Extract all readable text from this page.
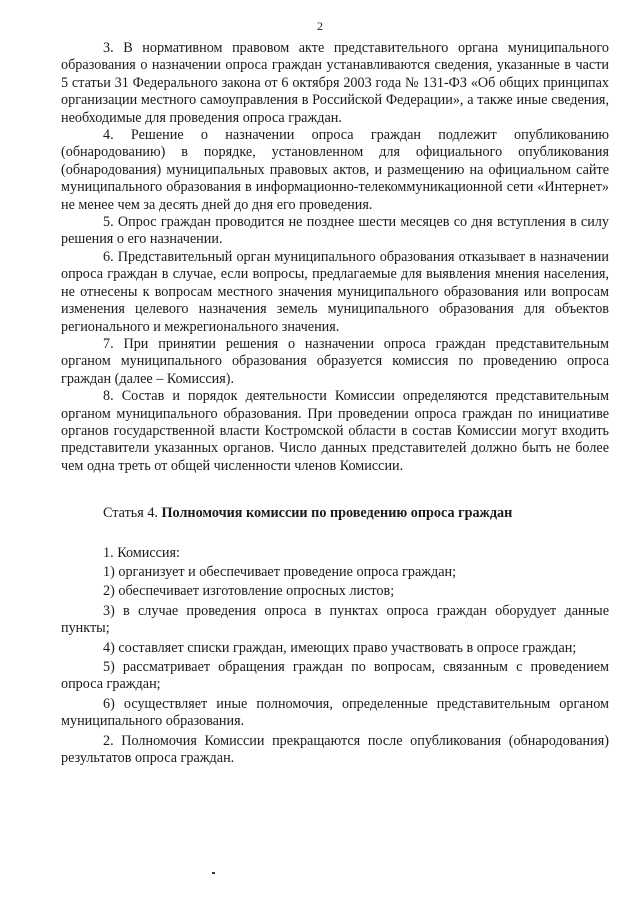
2

3. В нормативном правовом акте представительного органа муниципального образования о назначении опроса граждан устанавливаются сведения, указанные в части 5 статьи 31 Федерального закона от 6 октября 2003 года № 131-ФЗ «Об общих принципах организации местного самоуправления в Российской Федерации», а также иные сведения, необходимые для проведения опроса граждан.

4. Решение о назначении опроса граждан подлежит опубликованию (обнародованию) в порядке, установленном для официального опубликования (обнародования) муниципальных правовых актов, и размещению на официальном сайте муниципального образования в информационно-телекоммуникационной сети «Интернет» не менее чем за десять дней до дня его проведения.

5. Опрос граждан проводится не позднее шести месяцев со дня вступления в силу решения о его назначении.

6. Представительный орган муниципального образования отказывает в назначении опроса граждан в случае, если вопросы, предлагаемые для выявления мнения населения, не отнесены к вопросам местного значения муниципального образования или вопросам изменения целевого назначения земель муниципального образования для объектов регионального и межрегионального значения.

7. При принятии решения о назначении опроса граждан представительным органом муниципального образования образуется комиссия по проведению опроса граждан (далее – Комиссия).

8. Состав и порядок деятельности Комиссии определяются представительным органом муниципального образования. При проведении опроса граждан по инициативе органов государственной власти Костромской области в состав Комиссии могут входить представители указанных органов. Число данных представителей должно быть не более чем одна треть от общей численности членов Комиссии.

Статья 4. Полномочия комиссии по проведению опроса граждан

1. Комиссия:

1) организует и обеспечивает проведение опроса граждан;

2) обеспечивает изготовление опросных листов;

3) в случае проведения опроса в пунктах опроса граждан оборудует данные пункты;

4) составляет списки граждан, имеющих право участвовать в опросе граждан;

5) рассматривает обращения граждан по вопросам, связанным с проведением опроса граждан;

6) осуществляет иные полномочия, определенные представительным органом муниципального образования.

2. Полномочия Комиссии прекращаются после опубликования (обнародования) результатов опроса граждан.
